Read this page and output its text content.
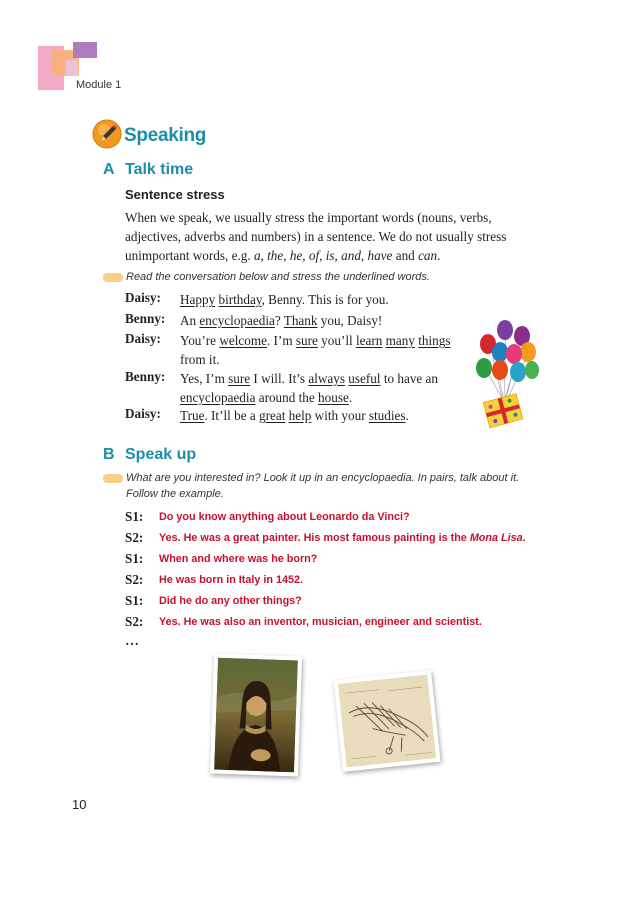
Module 1
Speaking
A Talk time
Sentence stress
When we speak, we usually stress the important words (nouns, verbs,
adjectives, adverbs and numbers) in a sentence. We do not usually stress
unimportant words, e.g. a, the, he, of, is, and, have and can.
Read the conversation below and stress the underlined words.
Daisy: Happy birthday, Benny. This is for you.
Benny: An encyclopaedia? Thank you, Daisy!
Daisy: You’re welcome. I’m sure you’ll learn many things
from it.
Benny: Yes, I’m sure I will. It’s always useful to have an
encyclopaedia around the house.
Daisy: True. It’ll be a great help with your studies.
B Speak up
What are you interested in? Look it up in an encyclopaedia. In pairs, talk about it.
Follow the example.
S1: Do you know anything about Leonardo da Vinci?
S2: Yes. He was a great painter. His most famous painting is the Mona Lisa.
S1: When and where was he born?
S2: He was born in Italy in 1452.
S1: Did he do any other things?
S2: Yes. He was also an inventor, musician, engineer and scientist.
…
10
